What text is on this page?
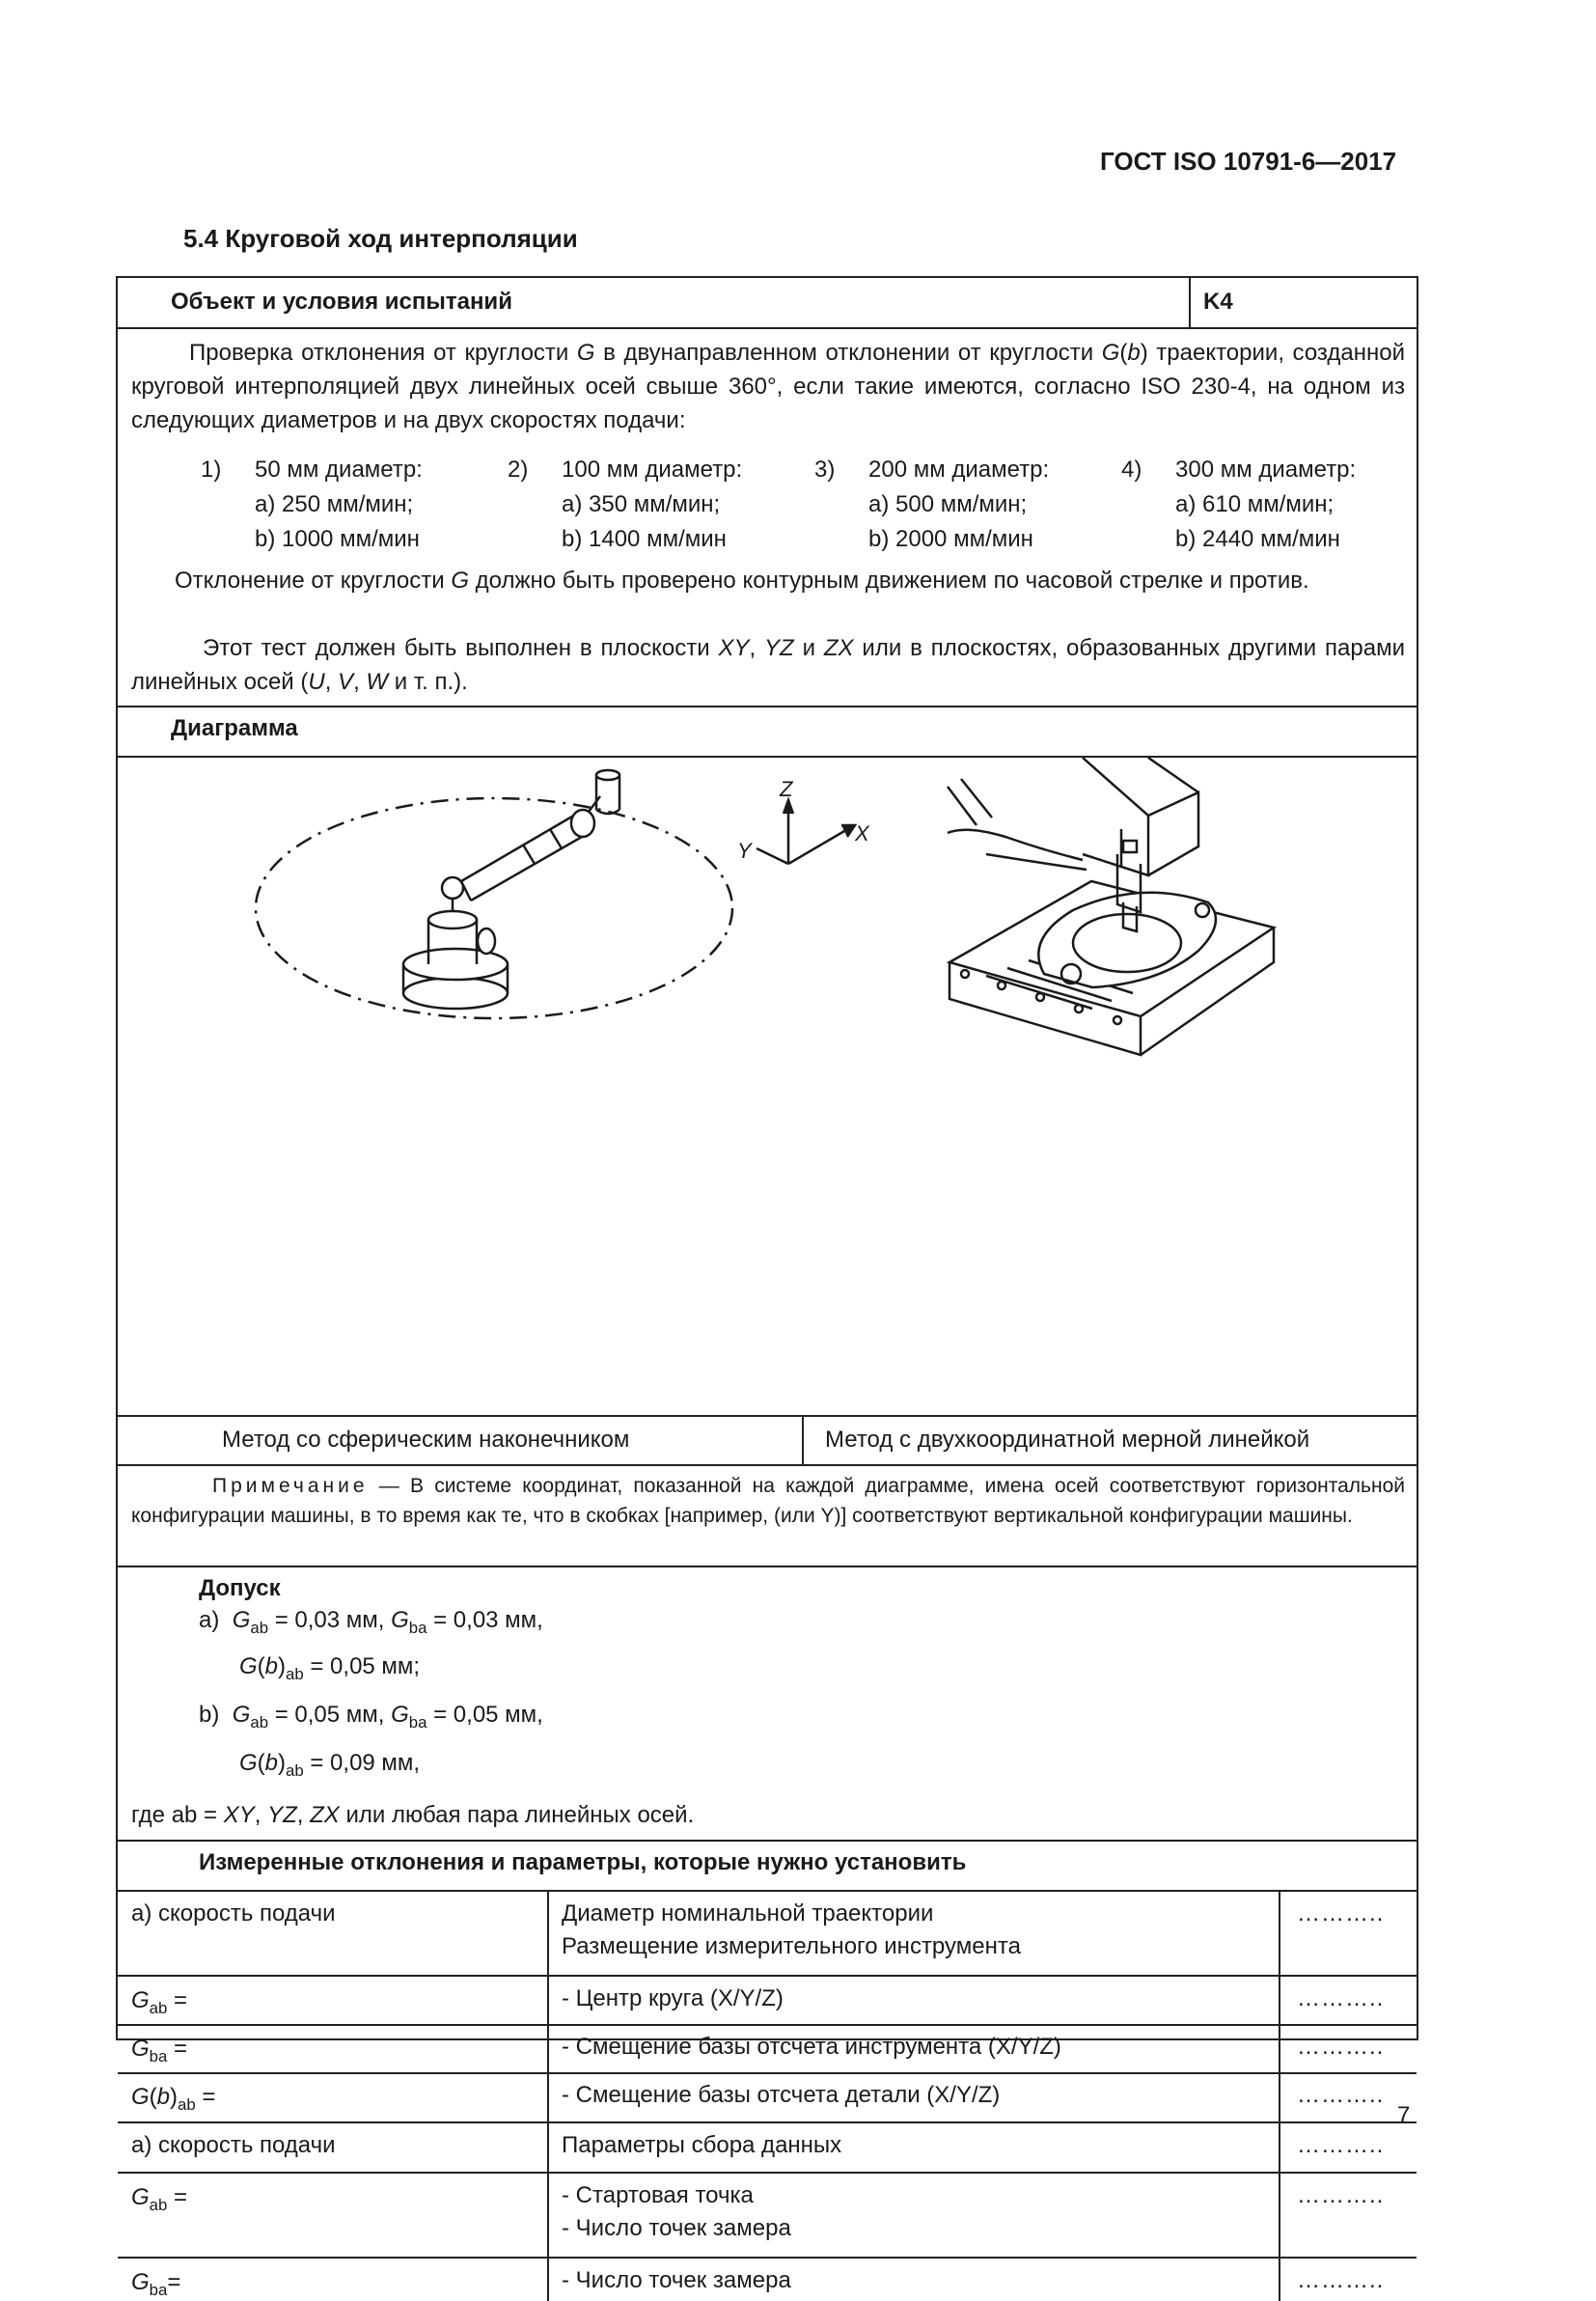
ГОСТ ISO 10791-6—2017
5.4 Круговой ход интерполяции
Объект и условия испытаний	K4
Проверка отклонения от круглости G в двунаправленном отклонении от круглости G(b) траектории, созданной круговой интерполяцией двух линейных осей свыше 360°, если такие имеются, согласно ISO 230-4, на одном из следующих диаметров и на двух скоростях подачи:
1) 50 мм диаметр:
a) 250 мм/мин;
b) 1000 мм/мин
2) 100 мм диаметр:
a) 350 мм/мин;
b) 1400 мм/мин
3) 200 мм диаметр:
a) 500 мм/мин;
b) 2000 мм/мин
4) 300 мм диаметр:
a) 610 мм/мин;
b) 2440 мм/мин
Отклонение от круглости G должно быть проверено контурным движением по часовой стрелке и против.
Этот тест должен быть выполнен в плоскости XY, YZ и ZX или в плоскостях, образованных другими парами линейных осей (U, V, W и т. п.).
Диаграмма
Z
X
Y
Метод со сферическим наконечником	Метод с двухкоординатной мерной линейкой
Примечание — В системе координат, показанной на каждой диаграмме, имена осей соответствуют горизонтальной конфигурации машины, в то время как те, что в скобках [например, (или Y)] соответствуют вертикальной конфигурации машины.
Допуск
a) $G_{ab} = 0,03$ мм, $G_{ba} = 0,03$ мм,
$G(b)_{ab} = 0,05$ мм;
b) $G_{ab} = 0,05$ мм, $G_{ba} = 0,05$ мм,
$G(b)_{ab} = 0,09$ мм,
где ab = XY, YZ, ZX или любая пара линейных осей.
Измеренные отклонения и параметры, которые нужно установить
a) скорость подачи	Диаметр номинальной траектории
Размещение измерительного инструмента
………..
$G_{ab}$ =	- Центр круга (X/Y/Z)	………..
$G_{ba}$ =	- Смещение базы отсчета инструмента (X/Y/Z)	………..
$G(b)_{ab}$ =	- Смещение базы отсчета детали (X/Y/Z)	………..
a) скорость подачи	Параметры сбора данных	………..
$G_{ab}$ =	- Стартовая точка
- Число точек замера
………..
$G_{ba}=$	- Число точек замера	………..
7
